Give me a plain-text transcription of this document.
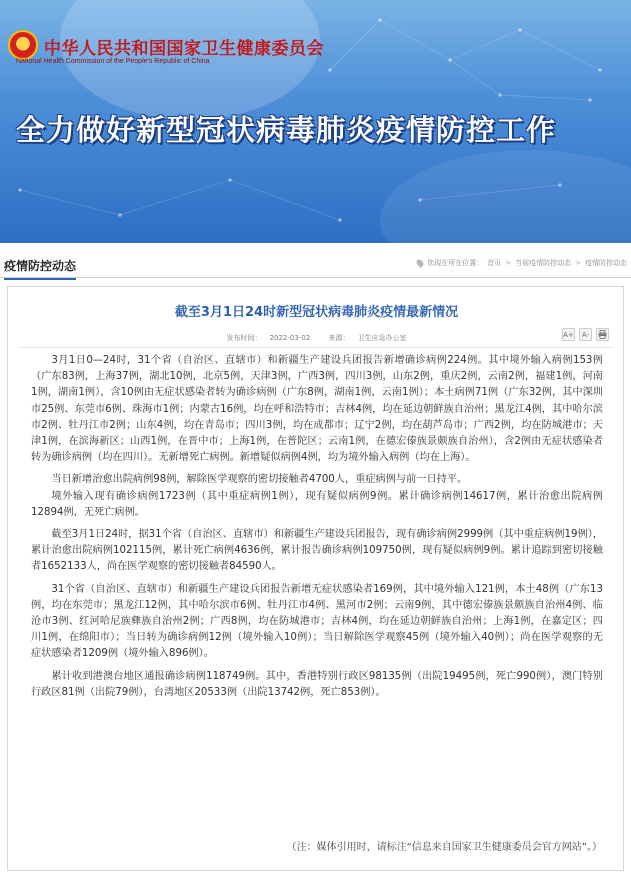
中华人民共和国国家卫生健康委员会
National Health Commission of the People's Republic of China
全力做好新型冠状病毒肺炎疫情防控工作
疫情防控动态	您现在所在位置： 首页 > 当前疫情防控动态 > 疫情防控动态
截至3月1日24时新型冠状病毒肺炎疫情最新情况
发布时间： 2022-03-02	来源： 卫生应急办公室	A+	A-

3月1日0—24时，31个省（自治区、直辖市）和新疆生产建设兵团报告新增确诊病例224例。其中境外输入病例153例（广东83例，上海37例，湖北10例，北京5例，天津3例，广西3例，四川3例，山东2例，重庆2例，云南2例，福建1例，河南1例，湖南1例），含10例由无症状感染者转为确诊病例（广东8例，湖南1例，云南1例）；本土病例71例（广东32例，其中深圳市25例、东莞市6例、珠海市1例；内蒙古16例，均在呼和浩特市；吉林4例，均在延边朝鲜族自治州；黑龙江4例，其中哈尔滨市2例、牡丹江市2例；山东4例，均在青岛市；四川3例，均在成都市；辽宁2例，均在葫芦岛市；广西2例，均在防城港市；天津1例，在滨海新区；山西1例，在晋中市；上海1例，在普陀区；云南1例，在德宏傣族景颇族自治州），含2例由无症状感染者转为确诊病例（均在四川）。无新增死亡病例。新增疑似病例4例，均为境外输入病例（均在上海）。

当日新增治愈出院病例98例，解除医学观察的密切接触者4700人，重症病例与前一日持平。

境外输入现有确诊病例1723例（其中重症病例1例），现有疑似病例9例。累计确诊病例14617例，累计治愈出院病例12894例，无死亡病例。

截至3月1日24时，据31个省（自治区、直辖市）和新疆生产建设兵团报告，现有确诊病例2999例（其中重症病例19例），累计治愈出院病例102115例，累计死亡病例4636例，累计报告确诊病例109750例，现有疑似病例9例。累计追踪到密切接触者1652133人，尚在医学观察的密切接触者84590人。

31个省（自治区、直辖市）和新疆生产建设兵团报告新增无症状感染者169例，其中境外输入121例，本土48例（广东13例，均在东莞市；黑龙江12例，其中哈尔滨市6例、牡丹江市4例、黑河市2例；云南9例，其中德宏傣族景颇族自治州4例、临沧市3例、红河哈尼族彝族自治州2例；广西8例，均在防城港市；吉林4例，均在延边朝鲜族自治州；上海1例，在嘉定区；四川1例，在绵阳市）；当日转为确诊病例12例（境外输入10例）；当日解除医学观察45例（境外输入40例）；尚在医学观察的无症状感染者1209例（境外输入896例）。

累计收到港澳台地区通报确诊病例118749例。其中，香港特别行政区98135例（出院19495例，死亡990例），澳门特别行政区81例（出院79例），台湾地区20533例（出院13742例，死亡853例）。

（注：媒体引用时，请标注“信息来自国家卫生健康委员会官方网站”。）
